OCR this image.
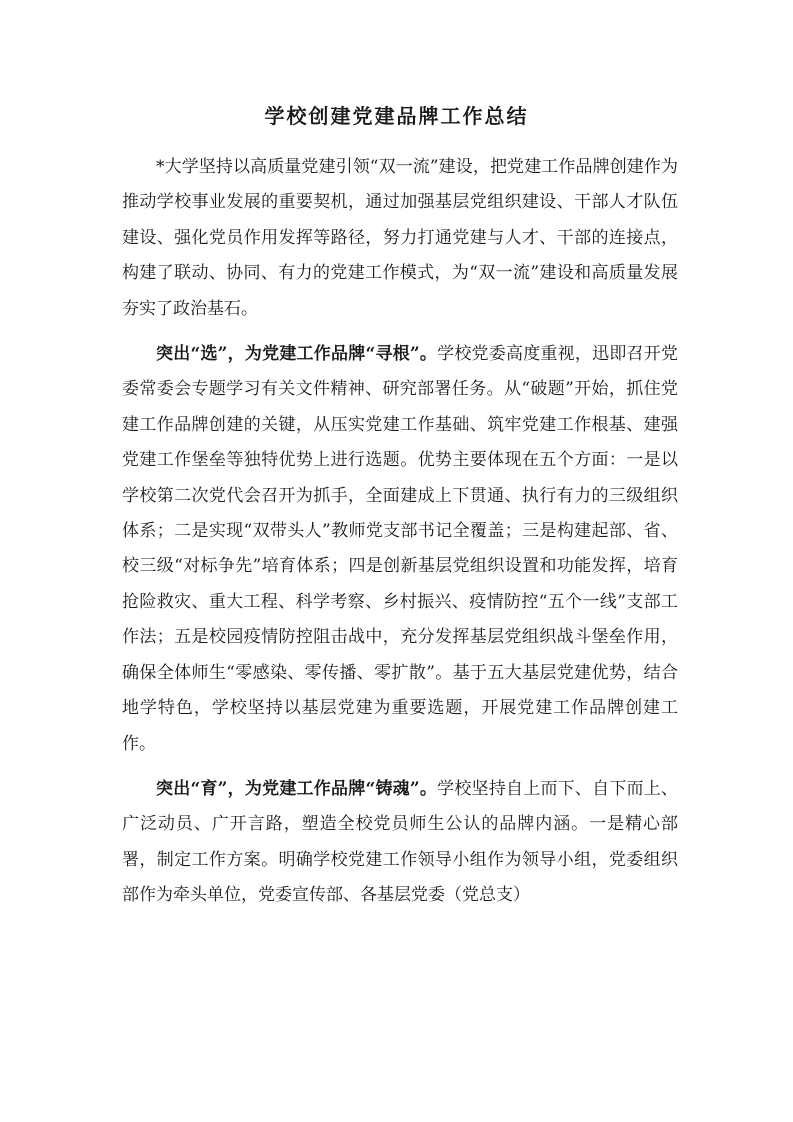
学校创建党建品牌工作总结

*大学坚持以高质量党建引领“双一流”建设，把党建工作品牌创建作为推动学校事业发展的重要契机，通过加强基层党组织建设、干部人才队伍建设、强化党员作用发挥等路径，努力打通党建与人才、干部的连接点，构建了联动、协同、有力的党建工作模式，为“双一流”建设和高质量发展夯实了政治基石。

突出“选”，为党建工作品牌“寻根”。学校党委高度重视，迅即召开党委常委会专题学习有关文件精神、研究部署任务。从“破题”开始，抓住党建工作品牌创建的关键，从压实党建工作基础、筑牢党建工作根基、建强党建工作堡垒等独特优势上进行选题。优势主要体现在五个方面：一是以学校第二次党代会召开为抓手，全面建成上下贯通、执行有力的三级组织体系；二是实现“双带头人”教师党支部书记全覆盖；三是构建起部、省、校三级“对标争先”培育体系；四是创新基层党组织设置和功能发挥，培育抢险救灾、重大工程、科学考察、乡村振兴、疫情防控“五个一线”支部工作法；五是校园疫情防控阻击战中，充分发挥基层党组织战斗堡垒作用，确保全体师生“零感染、零传播、零扩散”。基于五大基层党建优势，结合地学特色，学校坚持以基层党建为重要选题，开展党建工作品牌创建工作。

突出“育”，为党建工作品牌“铸魂”。学校坚持自上而下、自下而上、广泛动员、广开言路，塑造全校党员师生公认的品牌内涵。一是精心部署，制定工作方案。明确学校党建工作领导小组作为领导小组，党委组织部作为牵头单位，党委宣传部、各基层党委（党总支）
